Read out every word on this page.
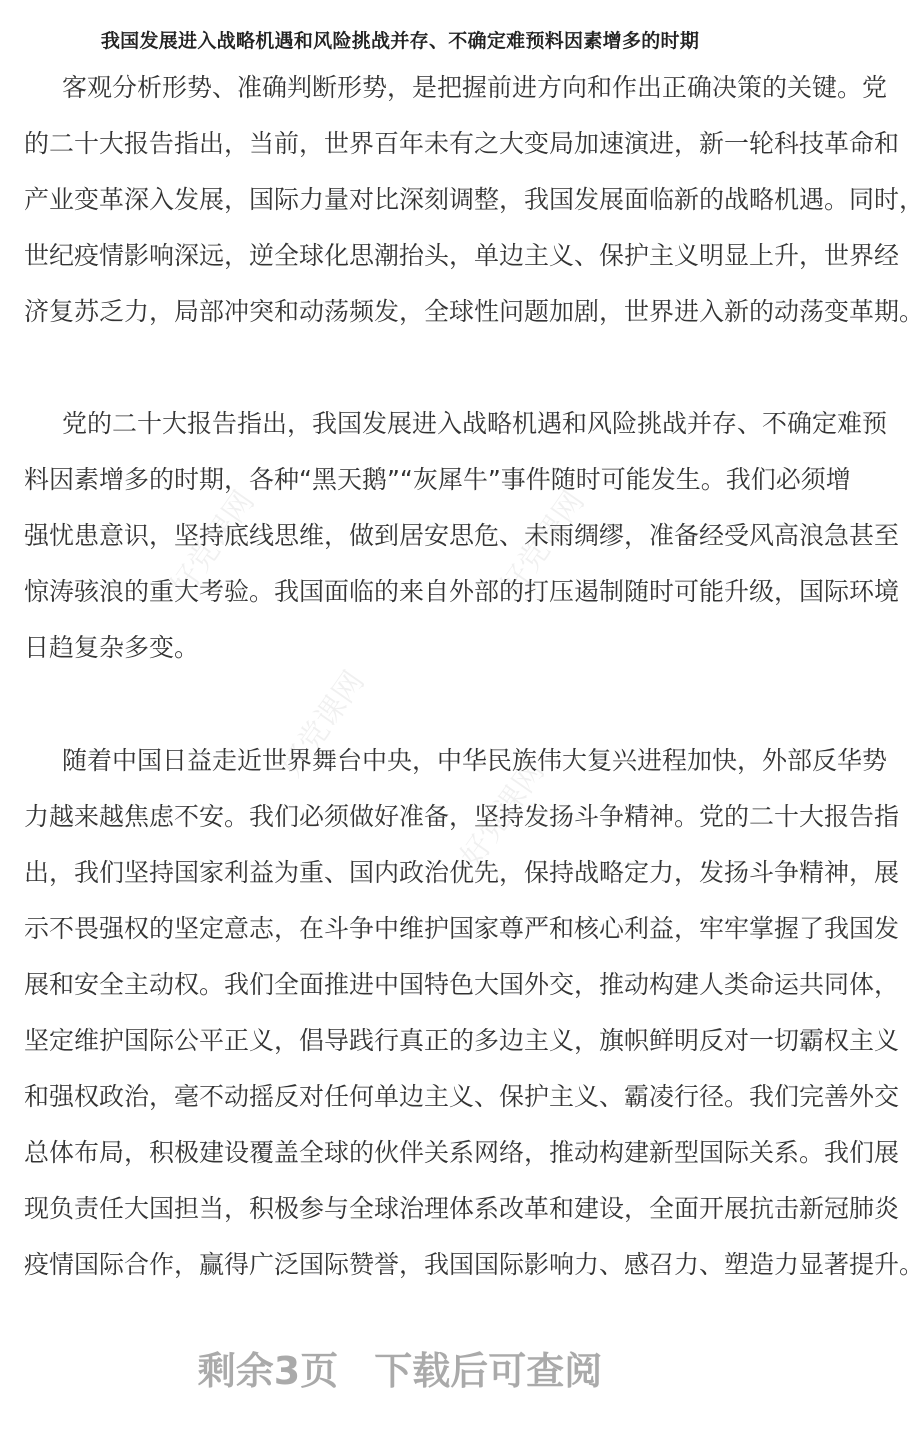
好党课网	好党课网
好党课网
好党课网
我国发展进入战略机遇和风险挑战并存、不确定难预料因素增多的时期
客观分析形势、准确判断形势，是把握前进方向和作出正确决策的关键。党
的二十大报告指出，当前，世界百年未有之大变局加速演进，新一轮科技革命和
产业变革深入发展，国际力量对比深刻调整，我国发展面临新的战略机遇。同时，
世纪疫情影响深远，逆全球化思潮抬头，单边主义、保护主义明显上升，世界经
济复苏乏力，局部冲突和动荡频发，全球性问题加剧，世界进入新的动荡变革期。
党的二十大报告指出，我国发展进入战略机遇和风险挑战并存、不确定难预
料因素增多的时期，各种“黑天鹅”“灰犀牛”事件随时可能发生。我们必须增
强忧患意识，坚持底线思维，做到居安思危、未雨绸缪，准备经受风高浪急甚至
惊涛骇浪的重大考验。我国面临的来自外部的打压遏制随时可能升级，国际环境
日趋复杂多变。
随着中国日益走近世界舞台中央，中华民族伟大复兴进程加快，外部反华势
力越来越焦虑不安。我们必须做好准备，坚持发扬斗争精神。党的二十大报告指
出，我们坚持国家利益为重、国内政治优先，保持战略定力，发扬斗争精神，展
示不畏强权的坚定意志，在斗争中维护国家尊严和核心利益，牢牢掌握了我国发
展和安全主动权。我们全面推进中国特色大国外交，推动构建人类命运共同体，
坚定维护国际公平正义，倡导践行真正的多边主义，旗帜鲜明反对一切霸权主义
和强权政治，毫不动摇反对任何单边主义、保护主义、霸凌行径。我们完善外交
总体布局，积极建设覆盖全球的伙伴关系网络，推动构建新型国际关系。我们展
现负责任大国担当，积极参与全球治理体系改革和建设，全面开展抗击新冠肺炎
疫情国际合作，赢得广泛国际赞誉，我国国际影响力、感召力、塑造力显著提升。
剩余3页 下载后可查阅
